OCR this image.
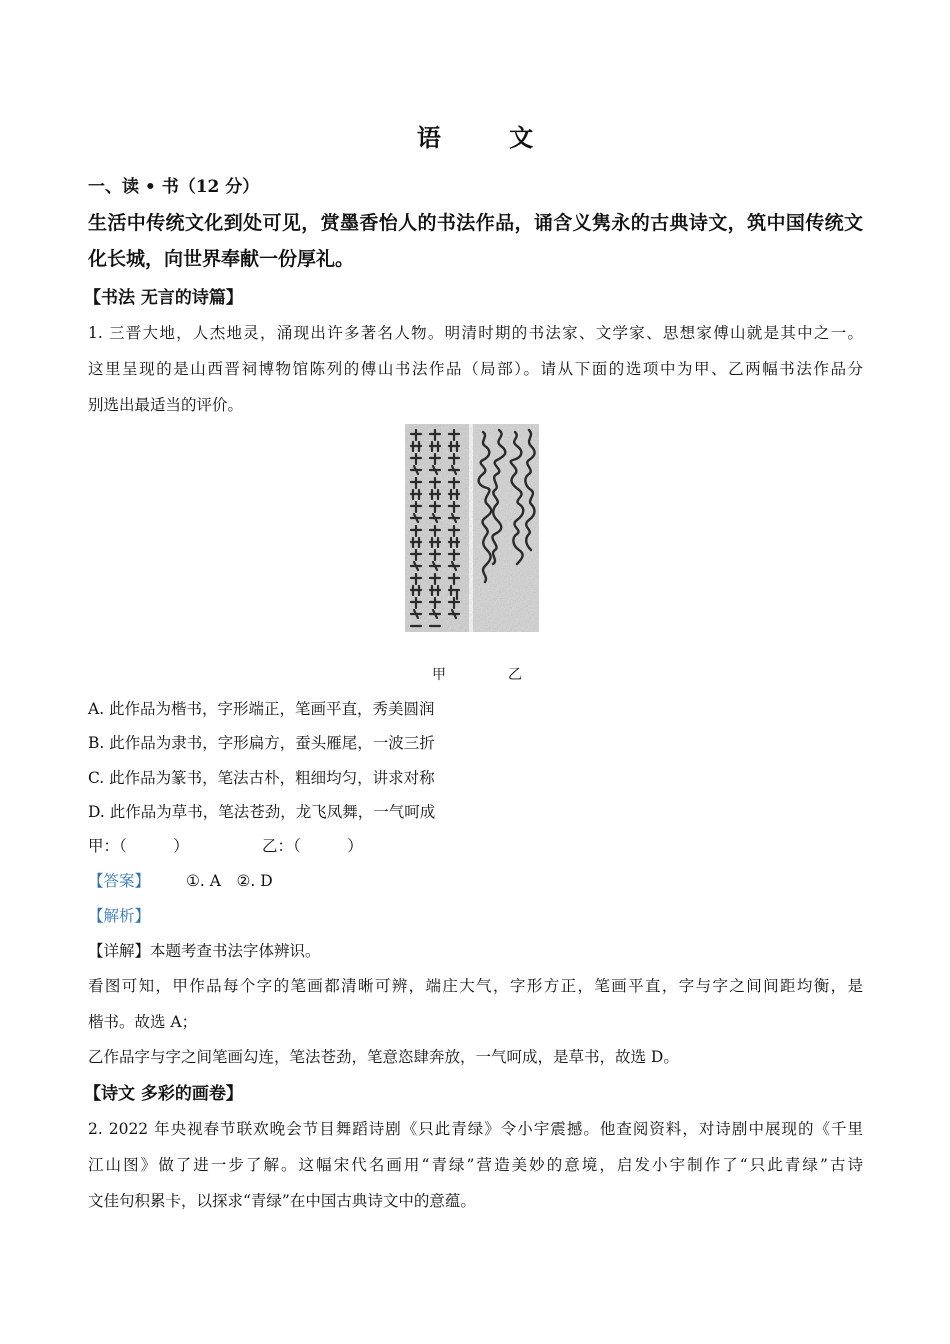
语 文
一、读 • 书（12 分）
生活中传统文化到处可见，赏墨香怡人的书法作品，诵含义隽永的古典诗文，筑中国传统文
化长城，向世界奉献一份厚礼。
【书法 无言的诗篇】
1. 三晋大地，人杰地灵，涌现出许多著名人物。明清时期的书法家、文学家、思想家傅山就是其中之一。
这里呈现的是山西晋祠博物馆陈列的傅山书法作品（局部）。请从下面的选项中为甲、乙两幅书法作品分
别选出最适当的评价。
甲	乙
A. 此作品为楷书，字形端正，笔画平直，秀美圆润
B. 此作品为隶书，字形扁方，蚕头雁尾，一波三折
C. 此作品为篆书，笔法古朴，粗细均匀，讲求对称
D. 此作品为草书，笔法苍劲，龙飞凤舞，一气呵成
甲：（　　　）	乙：（　　　）
【答案】 ①. A　②. D
【解析】
【详解】本题考查书法字体辨识。
看图可知，甲作品每个字的笔画都清晰可辨，端庄大气，字形方正，笔画平直，字与字之间间距均衡，是
楷书。故选 A；
乙作品字与字之间笔画勾连，笔法苍劲，笔意恣肆奔放，一气呵成，是草书，故选 D。
【诗文 多彩的画卷】
2. 2022 年央视春节联欢晚会节目舞蹈诗剧《只此青绿》令小宇震撼。他查阅资料，对诗剧中展现的《千里
江山图》做了进一步了解。这幅宋代名画用“青绿”营造美妙的意境，启发小宇制作了“只此青绿”古诗
文佳句积累卡，以探求“青绿”在中国古典诗文中的意蕴。
